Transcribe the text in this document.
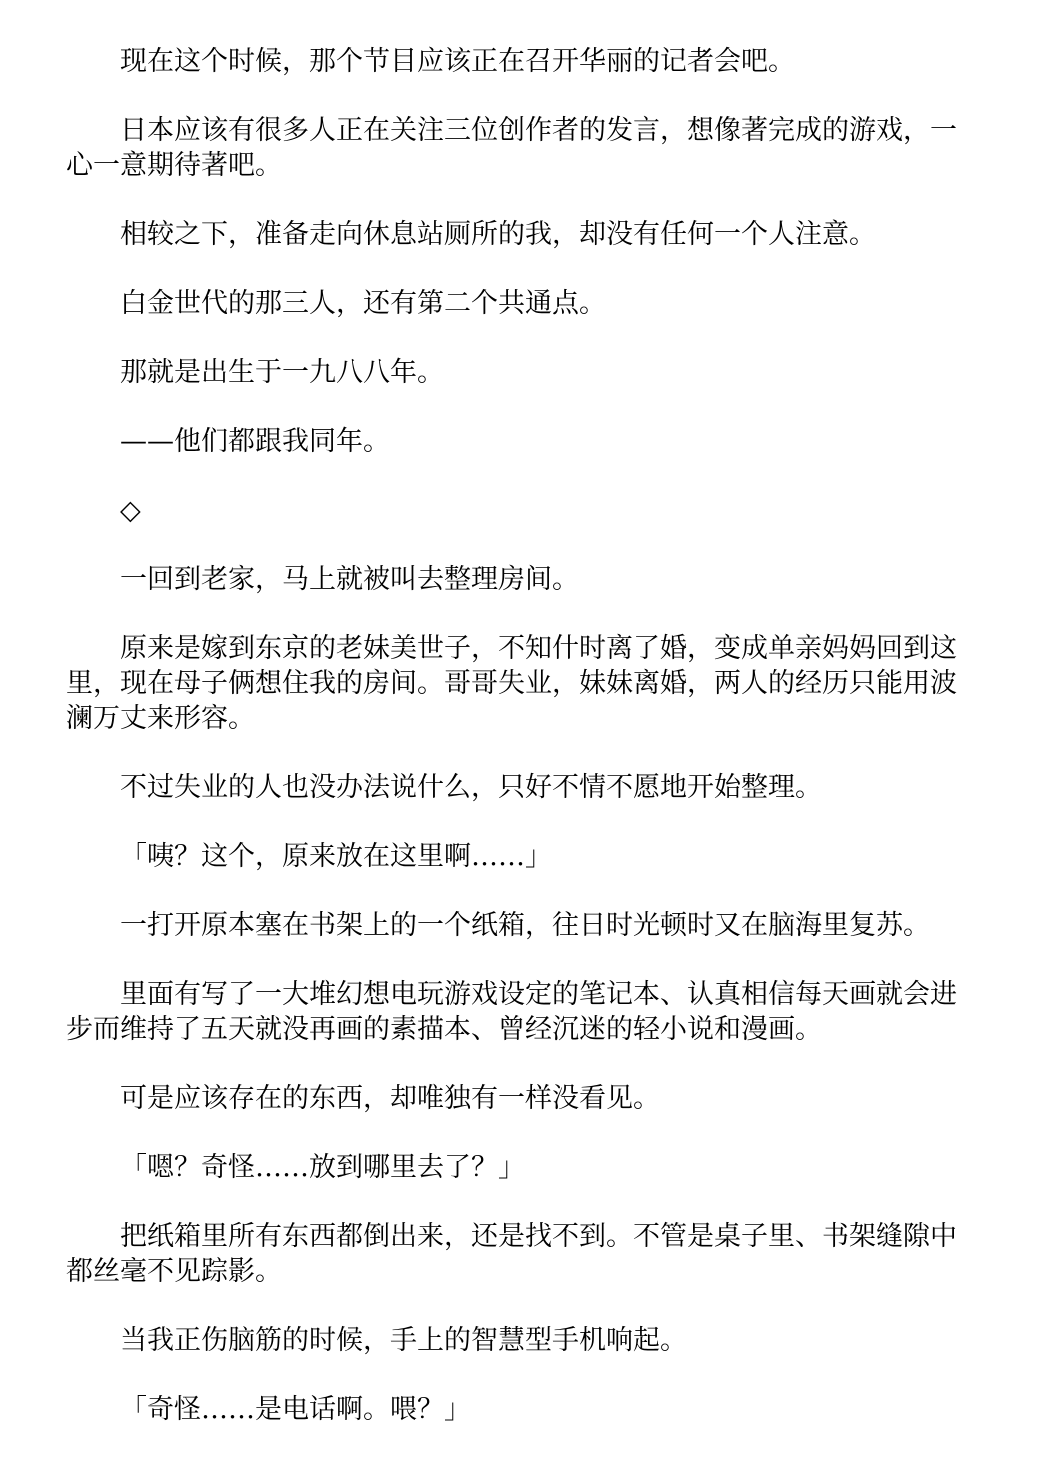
现在这个时候，那个节目应该正在召开华丽的记者会吧。

日本应该有很多人正在关注三位创作者的发言，想像著完成的游戏，一心一意期待著吧。

相较之下，准备走向休息站厕所的我，却没有任何一个人注意。

白金世代的那三人，还有第二个共通点。

那就是出生于一九八八年。

——他们都跟我同年。

◇

一回到老家，马上就被叫去整理房间。

原来是嫁到东京的老妹美世子，不知什时离了婚，变成单亲妈妈回到这里，现在母子俩想住我的房间。哥哥失业，妹妹离婚，两人的经历只能用波澜万丈来形容。

不过失业的人也没办法说什么，只好不情不愿地开始整理。

「咦？这个，原来放在这里啊……」

一打开原本塞在书架上的一个纸箱，往日时光顿时又在脑海里复苏。

里面有写了一大堆幻想电玩游戏设定的笔记本、认真相信每天画就会进步而维持了五天就没再画的素描本、曾经沉迷的轻小说和漫画。

可是应该存在的东西，却唯独有一样没看见。

「嗯？奇怪……放到哪里去了？」

把纸箱里所有东西都倒出来，还是找不到。不管是桌子里、书架缝隙中都丝毫不见踪影。

当我正伤脑筋的时候，手上的智慧型手机响起。

「奇怪……是电话啊。喂？」
